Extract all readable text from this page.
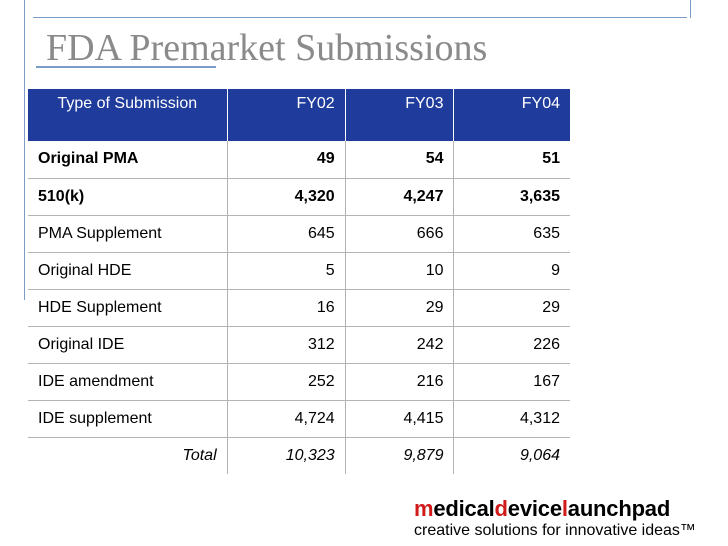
FDA Premarket Submissions
Type of Submission	FY02	FY03	FY04
Original PMA	49	54	51
510(k)	4,320	4,247	3,635
PMA Supplement	645	666	635
Original HDE	5	10	9
HDE Supplement	16	29	29
Original IDE	312	242	226
IDE amendment	252	216	167
IDE supplement	4,724	4,415	4,312
Total	10,323	9,879	9,064
medicaldevicelaunchpad
creative solutions for innovative ideas™
